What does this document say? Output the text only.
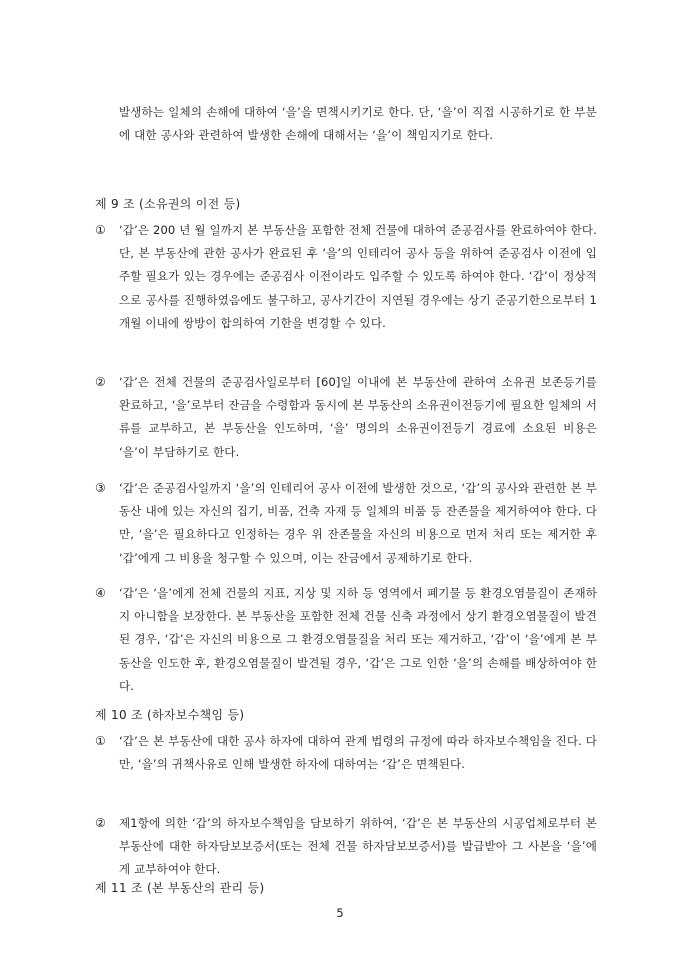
발생하는 일체의 손해에 대하여 ‘을’을 면책시키기로 한다. 단, ‘을’이 직접 시공하기로 한 부분에 대한 공사와 관련하여 발생한 손해에 대해서는 ‘을’이 책임지기로 한다.
제 9 조 (소유권의 이전 등)
①	‘갑’은 200 년 월 일까지 본 부동산을 포함한 전체 건물에 대하여 준공검사를 완료하여야 한다. 단, 본 부동산에 관한 공사가 완료된 후 ‘을’의 인테리어 공사 등을 위하여 준공검사 이전에 입주할 필요가 있는 경우에는 준공검사 이전이라도 입주할 수 있도록 하여야 한다. ‘갑’이 정상적으로 공사를 진행하였음에도 불구하고, 공사기간이 지연될 경우에는 상기 준공기한으로부터 1개월 이내에 쌍방이 합의하여 기한을 변경할 수 있다.
②	‘갑’은 전체 건물의 준공검사일로부터 [60]일 이내에 본 부동산에 관하여 소유권 보존등기를 완료하고, ‘을’로부터 잔금을 수령함과 동시에 본 부동산의 소유권이전등기에 필요한 일체의 서류를 교부하고, 본 부동산을 인도하며, ‘을’ 명의의 소유권이전등기 경료에 소요된 비용은 ‘을’이 부담하기로 한다.
③	‘갑’은 준공검사일까지 ‘을’의 인테리어 공사 이전에 발생한 것으로, ‘갑’의 공사와 관련한 본 부동산 내에 있는 자신의 집기, 비품, 건축 자재 등 일체의 비품 등 잔존물을 제거하여야 한다. 다만, ‘을’은 필요하다고 인정하는 경우 위 잔존물을 자신의 비용으로 먼저 처리 또는 제거한 후 ‘갑’에게 그 비용을 청구할 수 있으며, 이는 잔금에서 공제하기로 한다.
④	‘갑’은 ‘을’에게 전체 건물의 지표, 지상 및 지하 등 영역에서 폐기물 등 환경오염물질이 존재하지 아니함을 보장한다. 본 부동산을 포함한 전체 건물 신축 과정에서 상기 환경오염물질이 발견된 경우, ‘갑’은 자신의 비용으로 그 환경오염물질을 처리 또는 제거하고, ‘갑’이 ‘을’에게 본 부동산을 인도한 후, 환경오염물질이 발견될 경우, ‘갑’은 그로 인한 ‘을’의 손해를 배상하여야 한다.
제 10 조 (하자보수책임 등)
①	‘갑’은 본 부동산에 대한 공사 하자에 대하여 관계 법령의 규정에 따라 하자보수책임을 진다. 다만, ‘을’의 귀책사유로 인해 발생한 하자에 대하여는 ‘갑’은 면책된다.
②	제1항에 의한 ‘갑’의 하자보수책임을 담보하기 위하여, ‘갑’은 본 부동산의 시공업체로부터 본 부동산에 대한 하자담보보증서(또는 전체 건물 하자담보보증서)를 발급받아 그 사본을 ‘을’에게 교부하여야 한다.
제 11 조 (본 부동산의 관리 등)
5
